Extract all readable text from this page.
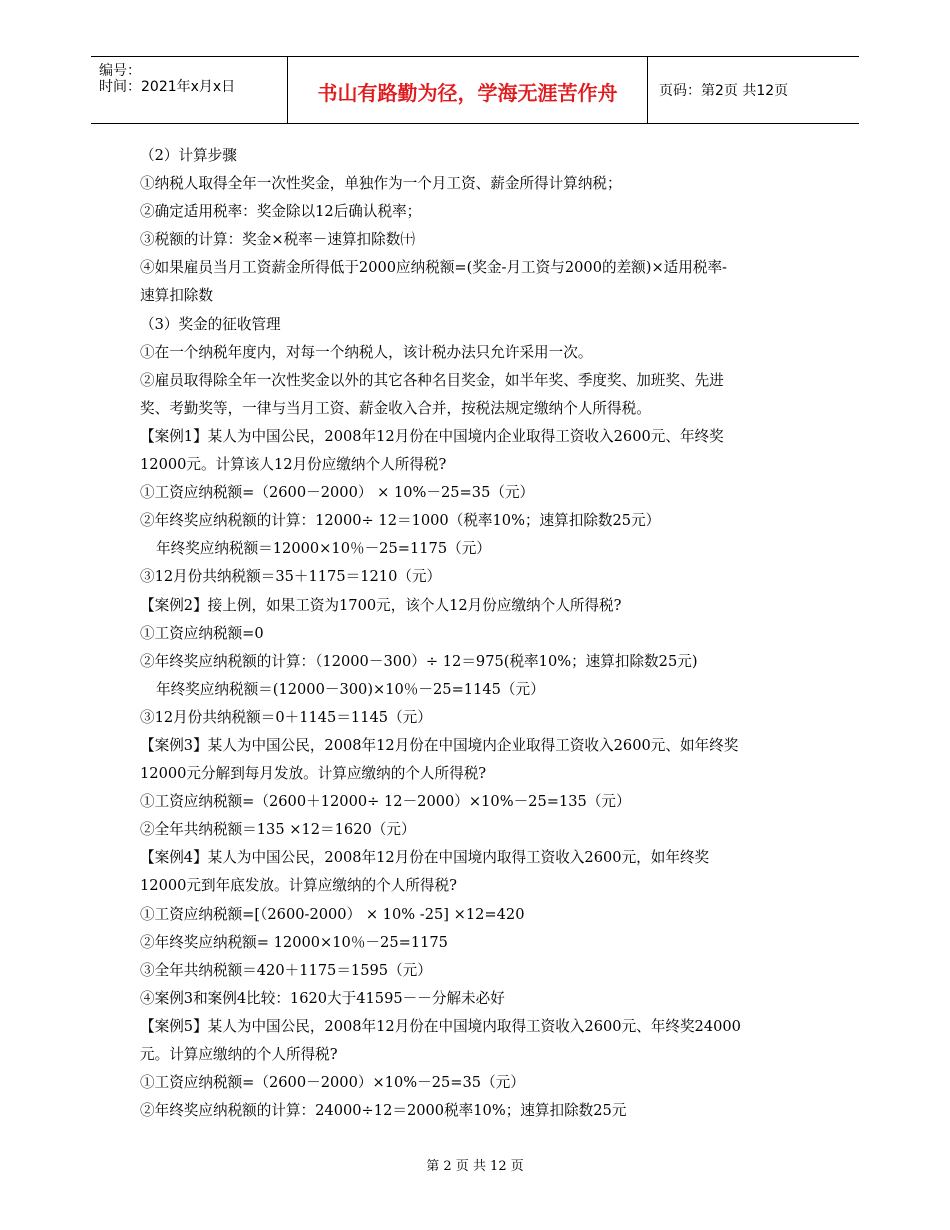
编号：
时间：2021年x月x日	书山有路勤为径，学海无涯苦作舟	页码：第2页 共12页
（2）计算步骤
①纳税人取得全年一次性奖金，单独作为一个月工资、薪金所得计算纳税；
②确定适用税率：奖金除以12后确认税率；
③税额的计算：奖金×税率－速算扣除数㈩
④如果雇员当月工资薪金所得低于2000应纳税额=(奖金-月工资与2000的差额)×适用税率-
速算扣除数
（3）奖金的征收管理
①在一个纳税年度内，对每一个纳税人，该计税办法只允许采用一次。
②雇员取得除全年一次性奖金以外的其它各种名目奖金，如半年奖、季度奖、加班奖、先进
奖、考勤奖等，一律与当月工资、薪金收入合并，按税法规定缴纳个人所得税。
【案例1】某人为中国公民，2008年12月份在中国境内企业取得工资收入2600元、年终奖
12000元。计算该人12月份应缴纳个人所得税?
①工资应纳税额=（2600－2000） × 10%－25=35（元）
②年终奖应纳税额的计算：12000÷ 12＝1000（税率10%；速算扣除数25元）
年终奖应纳税额＝12000×10％－25=1175（元）
③12月份共纳税额＝35＋1175＝1210（元）
【案例2】接上例，如果工资为1700元，该个人12月份应缴纳个人所得税?
①工资应纳税额=0
②年终奖应纳税额的计算：（12000－300）÷ 12＝975(税率10%；速算扣除数25元)
年终奖应纳税额＝(12000－300)×10％－25=1145（元）
③12月份共纳税额＝0＋1145＝1145（元）
【案例3】某人为中国公民，2008年12月份在中国境内企业取得工资收入2600元、如年终奖
12000元分解到每月发放。计算应缴纳的个人所得税?
①工资应纳税额=（2600＋12000÷ 12－2000）×10%－25=135（元）
②全年共纳税额＝135 ×12＝1620（元）
【案例4】某人为中国公民，2008年12月份在中国境内取得工资收入2600元，如年终奖
12000元到年底发放。计算应缴纳的个人所得税?
①工资应纳税额=[（2600-2000） × 10% -25] ×12=420
②年终奖应纳税额= 12000×10％－25=1175
③全年共纳税额＝420＋1175＝1595（元）
④案例3和案例4比较：1620大于41595－－分解未必好
【案例5】某人为中国公民，2008年12月份在中国境内取得工资收入2600元、年终奖24000
元。计算应缴纳的个人所得税?
①工资应纳税额=（2600－2000）×10%－25=35（元）
②年终奖应纳税额的计算：24000÷12＝2000税率10%；速算扣除数25元
第 2 页 共 12 页
